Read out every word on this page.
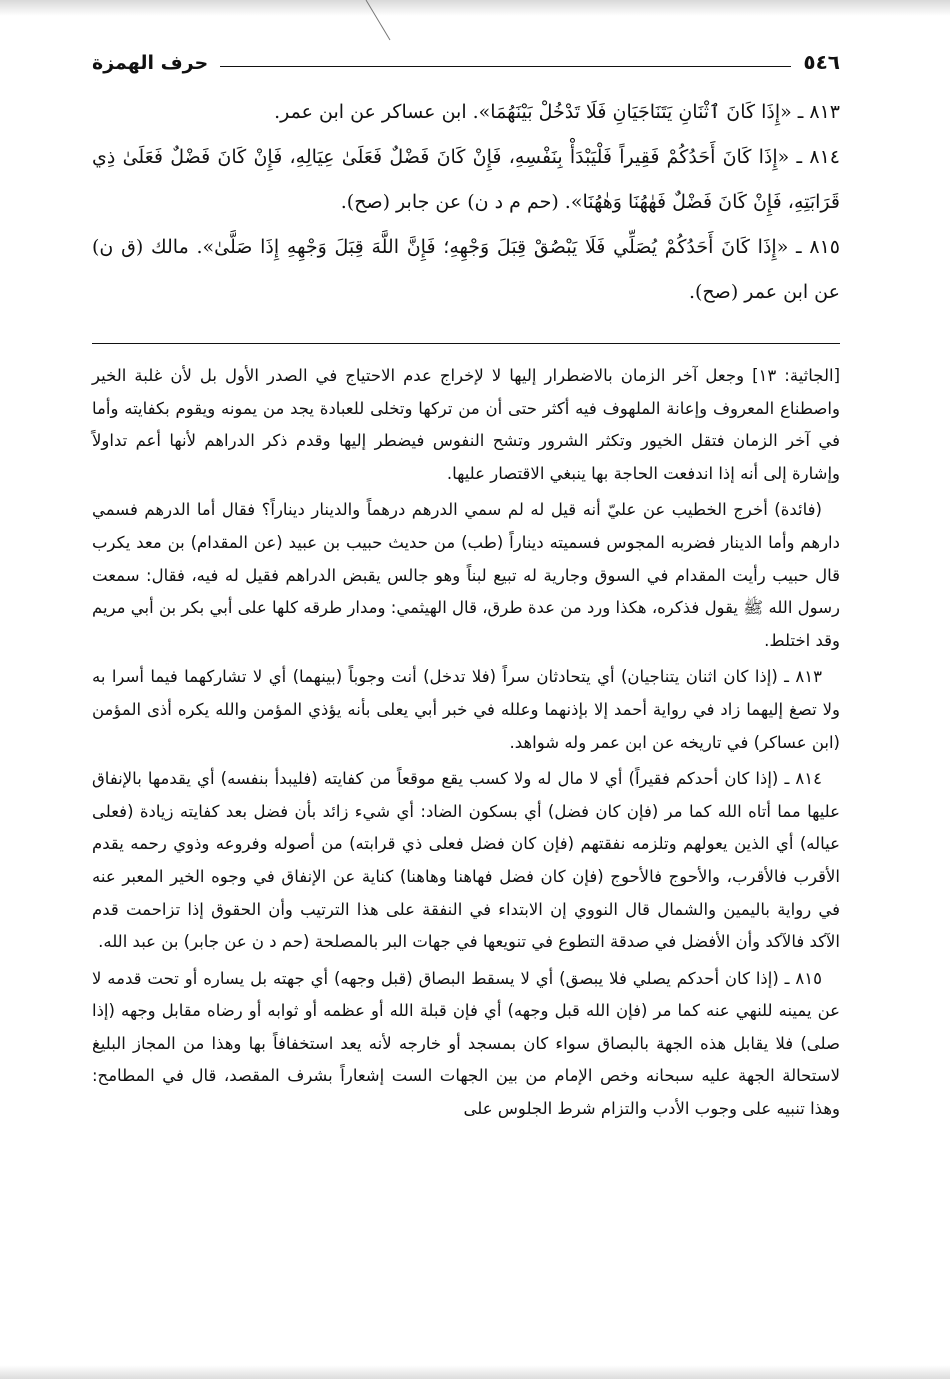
٥٤٦
حرف الهمزة

٨١٣ ـ «إِذَا كَانَ ٱثْنَانِ يَتَنَاجَيَانِ فَلَا تَدْخُلْ بَيْنَهُمَا». ابن عساكر عن ابن عمر.

٨١٤ ـ «إِذَا كَانَ أَحَدُكُمْ فَقِيراً فَلْيَبْدَأْ بِنَفْسِهِ، فَإِنْ كَانَ فَضْلٌ فَعَلَىٰ عِيَالِهِ، فَإِنْ كَانَ فَضْلٌ فَعَلَىٰ ذِي قَرَابَتِهِ، فَإِنْ كَانَ فَضْلٌ فَهٰهُنَا وَهٰهُنَا». (حم م د ن) عن جابر (صح).

٨١٥ ـ «إِذَا كَانَ أَحَدُكُمْ يُصَلِّي فَلَا يَبْصُقْ قِبَلَ وَجْهِهِ؛ فَإِنَّ اللَّهَ قِبَلَ وَجْهِهِ إِذَا صَلَّىٰ». مالك (ق ن) عن ابن عمر (صح).

[الجاثية: ١٣] وجعل آخر الزمان بالاضطرار إليها لا لإخراج عدم الاحتياج في الصدر الأول بل لأن غلبة الخير واصطناع المعروف وإعانة الملهوف فيه أكثر حتى أن من تركها وتخلى للعبادة يجد من يمونه ويقوم بكفايته وأما في آخر الزمان فتقل الخيور وتكثر الشرور وتشح النفوس فيضطر إليها وقدم ذكر الدراهم لأنها أعم تداولاً وإشارة إلى أنه إذا اندفعت الحاجة بها ينبغي الاقتصار عليها.

(فائدة) أخرج الخطيب عن عليّ أنه قيل له لم سمي الدرهم درهماً والدينار ديناراً؟ فقال أما الدرهم فسمي دارهم وأما الدينار فضربه المجوس فسميته ديناراً (طب) من حديث حبيب بن عبيد (عن المقدام) بن معد يكرب قال حبيب رأيت المقدام في السوق وجارية له تبيع لبناً وهو جالس يقبض الدراهم فقيل له فيه، فقال: سمعت رسول الله ﷺ يقول فذكره، هكذا ورد من عدة طرق، قال الهيثمي: ومدار طرقه كلها على أبي بكر بن أبي مريم وقد اختلط.

٨١٣ ـ (إذا كان اثنان يتناجيان) أي يتحادثان سراً (فلا تدخل) أنت وجوباً (بينهما) أي لا تشاركهما فيما أسرا به ولا تصغ إليهما زاد في رواية أحمد إلا بإذنهما وعلله في خبر أبي يعلى بأنه يؤذي المؤمن والله يكره أذى المؤمن (ابن عساكر) في تاريخه عن ابن عمر وله شواهد.

٨١٤ ـ (إذا كان أحدكم فقيراً) أي لا مال له ولا كسب يقع موقعاً من كفايته (فليبدأ بنفسه) أي يقدمها بالإنفاق عليها مما أتاه الله كما مر (فإن كان فضل) أي بسكون الضاد: أي شيء زائد بأن فضل بعد كفايته زيادة (فعلى عياله) أي الذين يعولهم وتلزمه نفقتهم (فإن كان فضل فعلى ذي قرابته) من أصوله وفروعه وذوي رحمه يقدم الأقرب فالأقرب، والأحوج فالأحوج (فإن كان فضل فهاهنا وهاهنا) كناية عن الإنفاق في وجوه الخير المعبر عنه في رواية باليمين والشمال قال النووي إن الابتداء في النفقة على هذا الترتيب وأن الحقوق إذا تزاحمت قدم الآكد فالآكد وأن الأفضل في صدقة التطوع في تنويعها في جهات البر بالمصلحة (حم د ن عن جابر) بن عبد الله.

٨١٥ ـ (إذا كان أحدكم يصلي فلا يبصق) أي لا يسقط البصاق (قبل وجهه) أي جهته بل يساره أو تحت قدمه لا عن يمينه للنهي عنه كما مر (فإن الله قبل وجهه) أي فإن قبلة الله أو عظمه أو ثوابه أو رضاه مقابل وجهه (إذا صلى) فلا يقابل هذه الجهة بالبصاق سواء كان بمسجد أو خارجه لأنه يعد استخفافاً بها وهذا من المجاز البليغ لاستحالة الجهة عليه سبحانه وخص الإمام من بين الجهات الست إشعاراً بشرف المقصد، قال في المطامح: وهذا تنبيه على وجوب الأدب والتزام شرط الجلوس على
